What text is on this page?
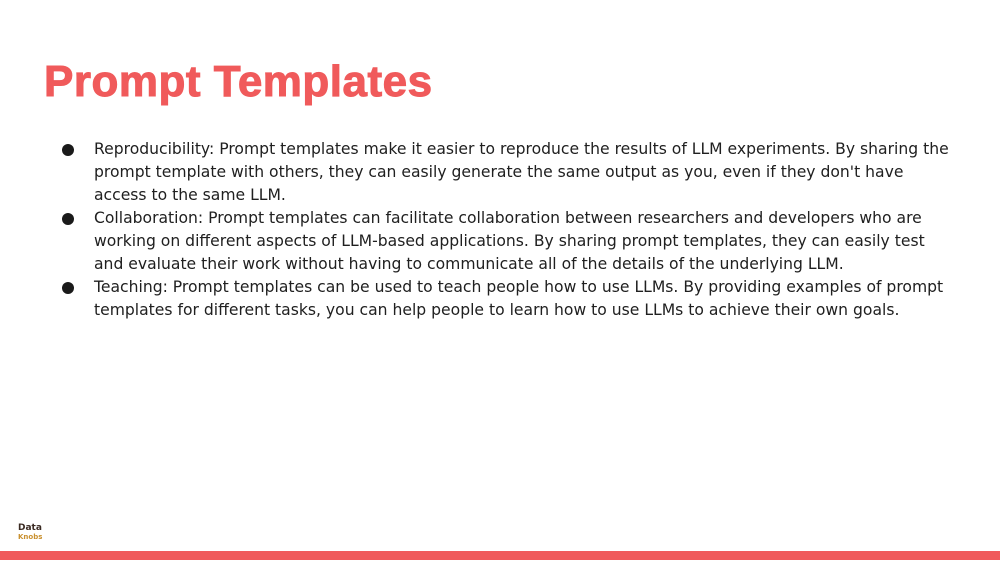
Prompt Templates
Reproducibility: Prompt templates make it easier to reproduce the results of LLM experiments. By sharing the prompt template with others, they can easily generate the same output as you, even if they don't have access to the same LLM.
Collaboration: Prompt templates can facilitate collaboration between researchers and developers who are working on different aspects of LLM-based applications. By sharing prompt templates, they can easily test and evaluate their work without having to communicate all of the details of the underlying LLM.
Teaching: Prompt templates can be used to teach people how to use LLMs. By providing examples of prompt templates for different tasks, you can help people to learn how to use LLMs to achieve their own goals.
Data
Knobs
